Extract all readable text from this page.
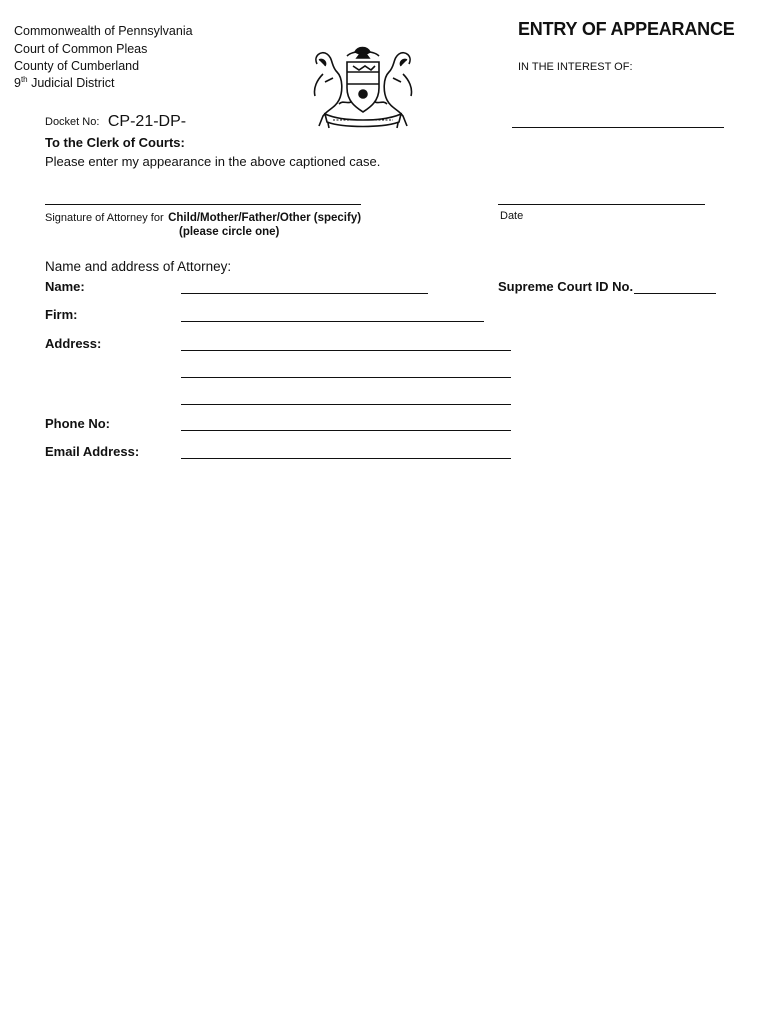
Commonwealth of Pennsylvania
Court of Common Pleas
County of Cumberland
9th Judicial District
ENTRY OF APPEARANCE
IN THE INTEREST OF:
Docket No: CP-21-DP-
To the Clerk of Courts:
Please enter my appearance in the above captioned case.
Signature of Attorney for Child/Mother/Father/Other (specify)
(please circle one)
Date
Name and address of Attorney:
Name:	Supreme Court ID No.
Firm:
Address:
Phone No:
Email Address:
